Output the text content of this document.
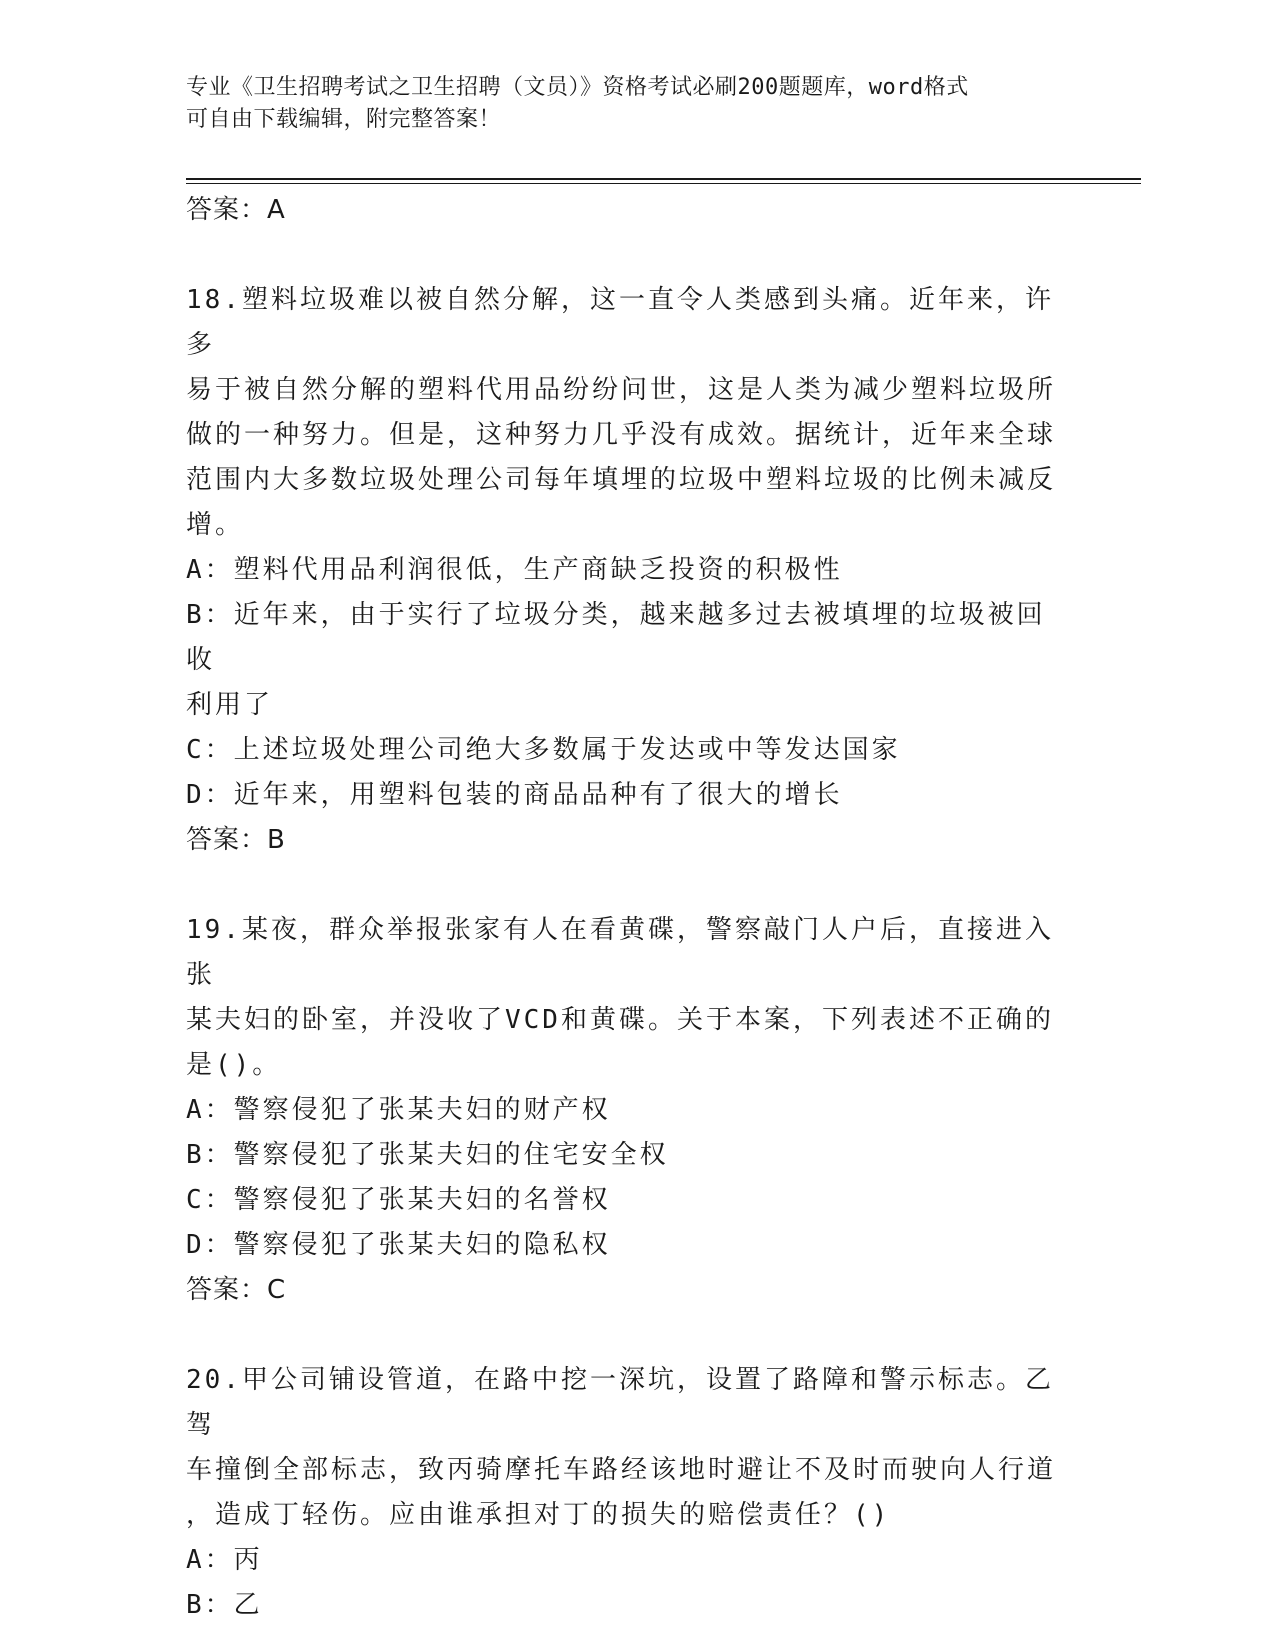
专业《卫生招聘考试之卫生招聘（文员）》资格考试必刷200题题库，word格式
可自由下载编辑，附完整答案！
答案：A
18.塑料垃圾难以被自然分解，这一直令人类感到头痛。近年来，许多
易于被自然分解的塑料代用品纷纷问世，这是人类为减少塑料垃圾所
做的一种努力。但是，这种努力几乎没有成效。据统计，近年来全球
范围内大多数垃圾处理公司每年填埋的垃圾中塑料垃圾的比例未减反
增。
A：塑料代用品利润很低，生产商缺乏投资的积极性
B：近年来，由于实行了垃圾分类，越来越多过去被填埋的垃圾被回收
利用了
C：上述垃圾处理公司绝大多数属于发达或中等发达国家
D：近年来，用塑料包装的商品品种有了很大的增长
答案：B
19.某夜，群众举报张家有人在看黄碟，警察敲门人户后，直接进入张
某夫妇的卧室，并没收了VCD和黄碟。关于本案，下列表述不正确的
是()。
A：警察侵犯了张某夫妇的财产权
B：警察侵犯了张某夫妇的住宅安全权
C：警察侵犯了张某夫妇的名誉权
D：警察侵犯了张某夫妇的隐私权
答案：C
20.甲公司铺设管道，在路中挖一深坑，设置了路障和警示标志。乙驾
车撞倒全部标志，致丙骑摩托车路经该地时避让不及时而驶向人行道
，造成丁轻伤。应由谁承担对丁的损失的赔偿责任？()
A：丙
B：乙
